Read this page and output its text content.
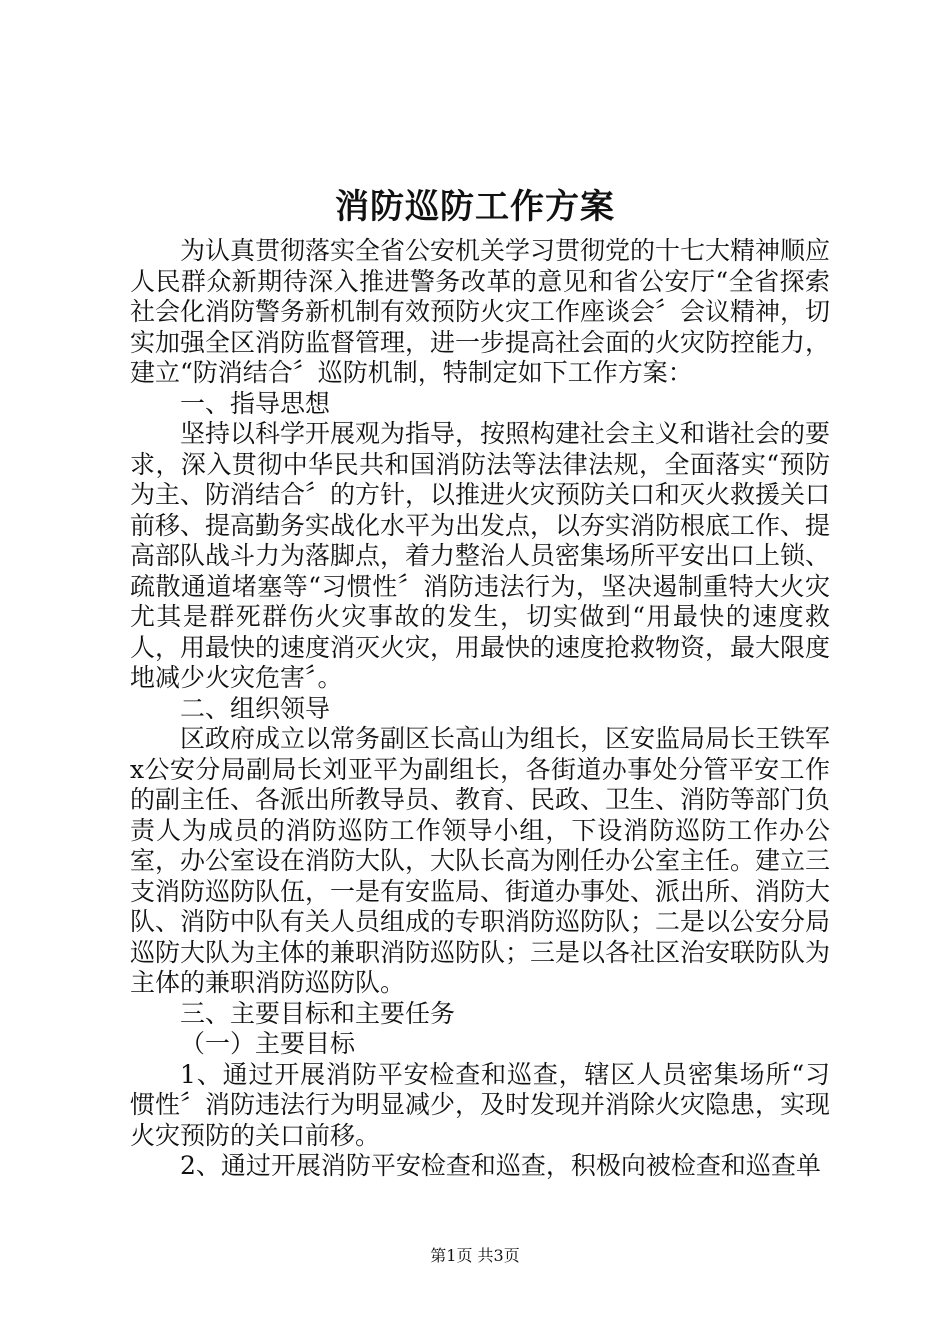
消防巡防工作方案

为认真贯彻落实全省公安机关学习贯彻党的十七大精神顺应人民群众新期待深入推进警务改革的意见和省公安厅“全省探索社会化消防警务新机制有效预防火灾工作座谈会〞会议精神，切实加强全区消防监督管理，进一步提高社会面的火灾防控能力，建立“防消结合〞巡防机制，特制定如下工作方案：

一、指导思想

坚持以科学开展观为指导，按照构建社会主义和谐社会的要求，深入贯彻中华民共和国消防法等法律法规，全面落实“预防为主、防消结合〞的方针，以推进火灾预防关口和灭火救援关口前移、提高勤务实战化水平为出发点，以夯实消防根底工作、提高部队战斗力为落脚点，着力整治人员密集场所平安出口上锁、疏散通道堵塞等“习惯性〞消防违法行为，坚决遏制重特大火灾尤其是群死群伤火灾事故的发生，切实做到“用最快的速度救人，用最快的速度消灭火灾，用最快的速度抢救物资，最大限度地减少火灾危害〞。

二、组织领导

区政府成立以常务副区长高山为组长，区安监局局长王铁军x公安分局副局长刘亚平为副组长，各街道办事处分管平安工作的副主任、各派出所教导员、教育、民政、卫生、消防等部门负责人为成员的消防巡防工作领导小组，下设消防巡防工作办公室，办公室设在消防大队，大队长高为刚任办公室主任。建立三支消防巡防队伍，一是有安监局、街道办事处、派出所、消防大队、消防中队有关人员组成的专职消防巡防队；二是以公安分局巡防大队为主体的兼职消防巡防队；三是以各社区治安联防队为主体的兼职消防巡防队。

三、主要目标和主要任务

（一）主要目标

1、通过开展消防平安检查和巡查，辖区人员密集场所“习惯性〞消防违法行为明显减少，及时发现并消除火灾隐患，实现火灾预防的关口前移。

2、通过开展消防平安检查和巡查，积极向被检查和巡查单

第1页 共3页
